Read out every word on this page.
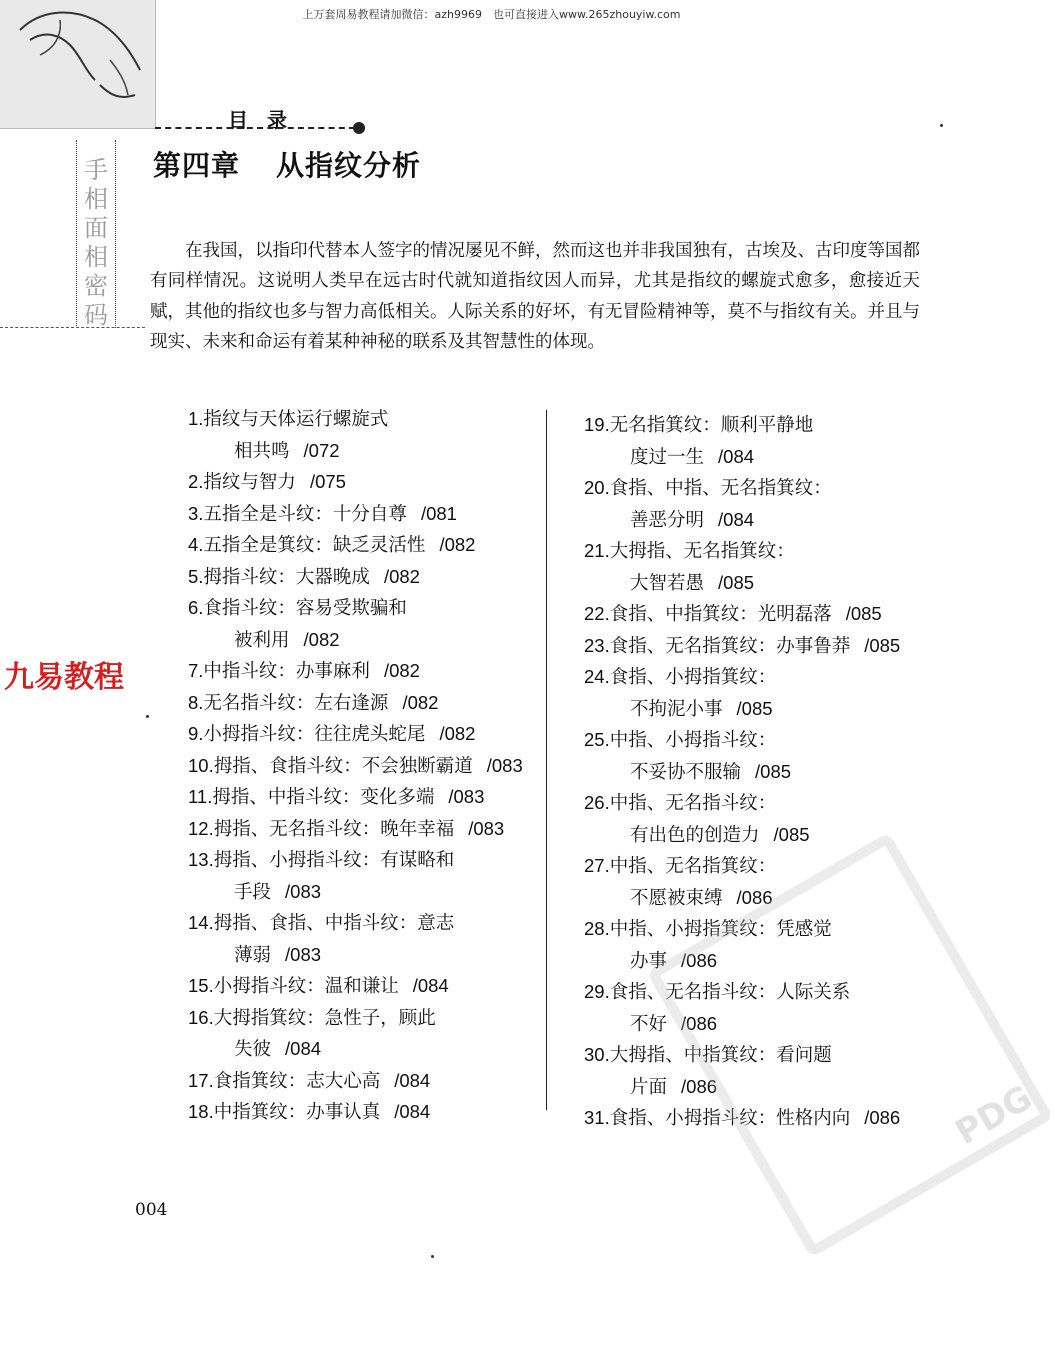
上万套周易教程请加微信：azh9969　也可直接进入www.265zhouyiw.com
目 录
手相面相密码
第四章 从指纹分析

在我国，以指印代替本人签字的情况屡见不鲜，然而这也并非我国独有，古埃及、古印度等国都有同样情况。这说明人类早在远古时代就知道指纹因人而异，尤其是指纹的螺旋式愈多，愈接近天赋，其他的指纹也多与智力高低相关。人际关系的好坏，有无冒险精神等，莫不与指纹有关。并且与现实、未来和命运有着某种神秘的联系及其智慧性的体现。

九易教程
1.指纹与天体运行螺旋式
相共鸣 /072
2.指纹与智力 /075
3.五指全是斗纹：十分自尊 /081
4.五指全是箕纹：缺乏灵活性 /082
5.拇指斗纹：大器晚成 /082
6.食指斗纹：容易受欺骗和
被利用 /082
7.中指斗纹：办事麻利 /082
8.无名指斗纹：左右逢源 /082
9.小拇指斗纹：往往虎头蛇尾 /082
10.拇指、食指斗纹：不会独断霸道 /083
11.拇指、中指斗纹：变化多端 /083
12.拇指、无名指斗纹：晚年幸福 /083
13.拇指、小拇指斗纹：有谋略和
手段 /083
14.拇指、食指、中指斗纹：意志
薄弱 /083
15.小拇指斗纹：温和谦让 /084
16.大拇指箕纹：急性子，顾此
失彼 /084
17.食指箕纹：志大心高 /084
18.中指箕纹：办事认真 /084
19.无名指箕纹：顺利平静地
度过一生 /084
20.食指、中指、无名指箕纹：
善恶分明 /084
21.大拇指、无名指箕纹：
大智若愚 /085
22.食指、中指箕纹：光明磊落 /085
23.食指、无名指箕纹：办事鲁莽 /085
24.食指、小拇指箕纹：
不拘泥小事 /085
25.中指、小拇指斗纹：
不妥协不服输 /085
26.中指、无名指斗纹：
有出色的创造力 /085
27.中指、无名指箕纹：
不愿被束缚 /086
28.中指、小拇指箕纹：凭感觉
办事 /086
29.食指、无名指斗纹：人际关系
不好 /086
30.大拇指、中指箕纹：看问题
片面 /086
31.食指、小拇指斗纹：性格内向 /086
004
PDG
